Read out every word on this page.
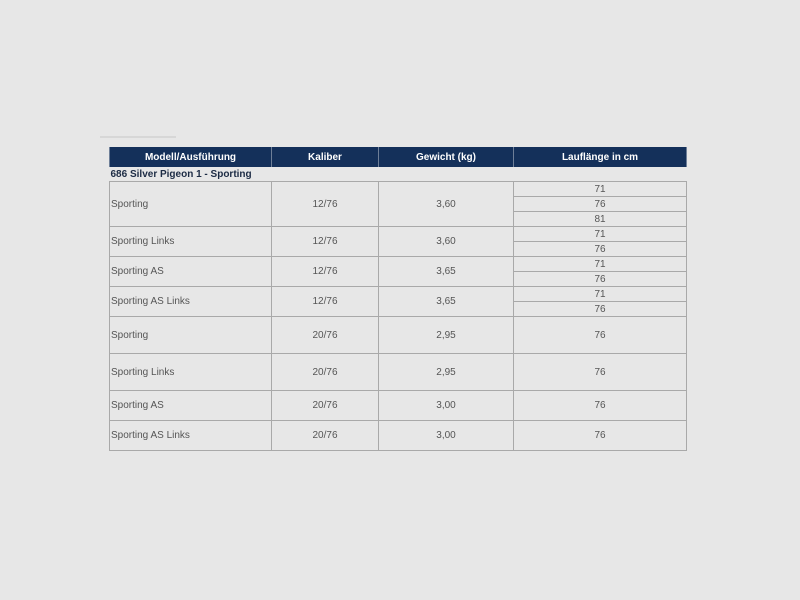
Modell/Ausführung	Kaliber	Gewicht (kg)	Lauflänge in cm
686 Silver Pigeon 1 - Sporting			
Sporting	12/76	3,60	71
			76
			81
Sporting Links	12/76	3,60	71
			76
Sporting AS	12/76	3,65	71
			76
Sporting AS Links	12/76	3,65	71
			76
Sporting	20/76	2,95	76
Sporting Links	20/76	2,95	76
Sporting AS	20/76	3,00	76
Sporting AS Links	20/76	3,00	76
